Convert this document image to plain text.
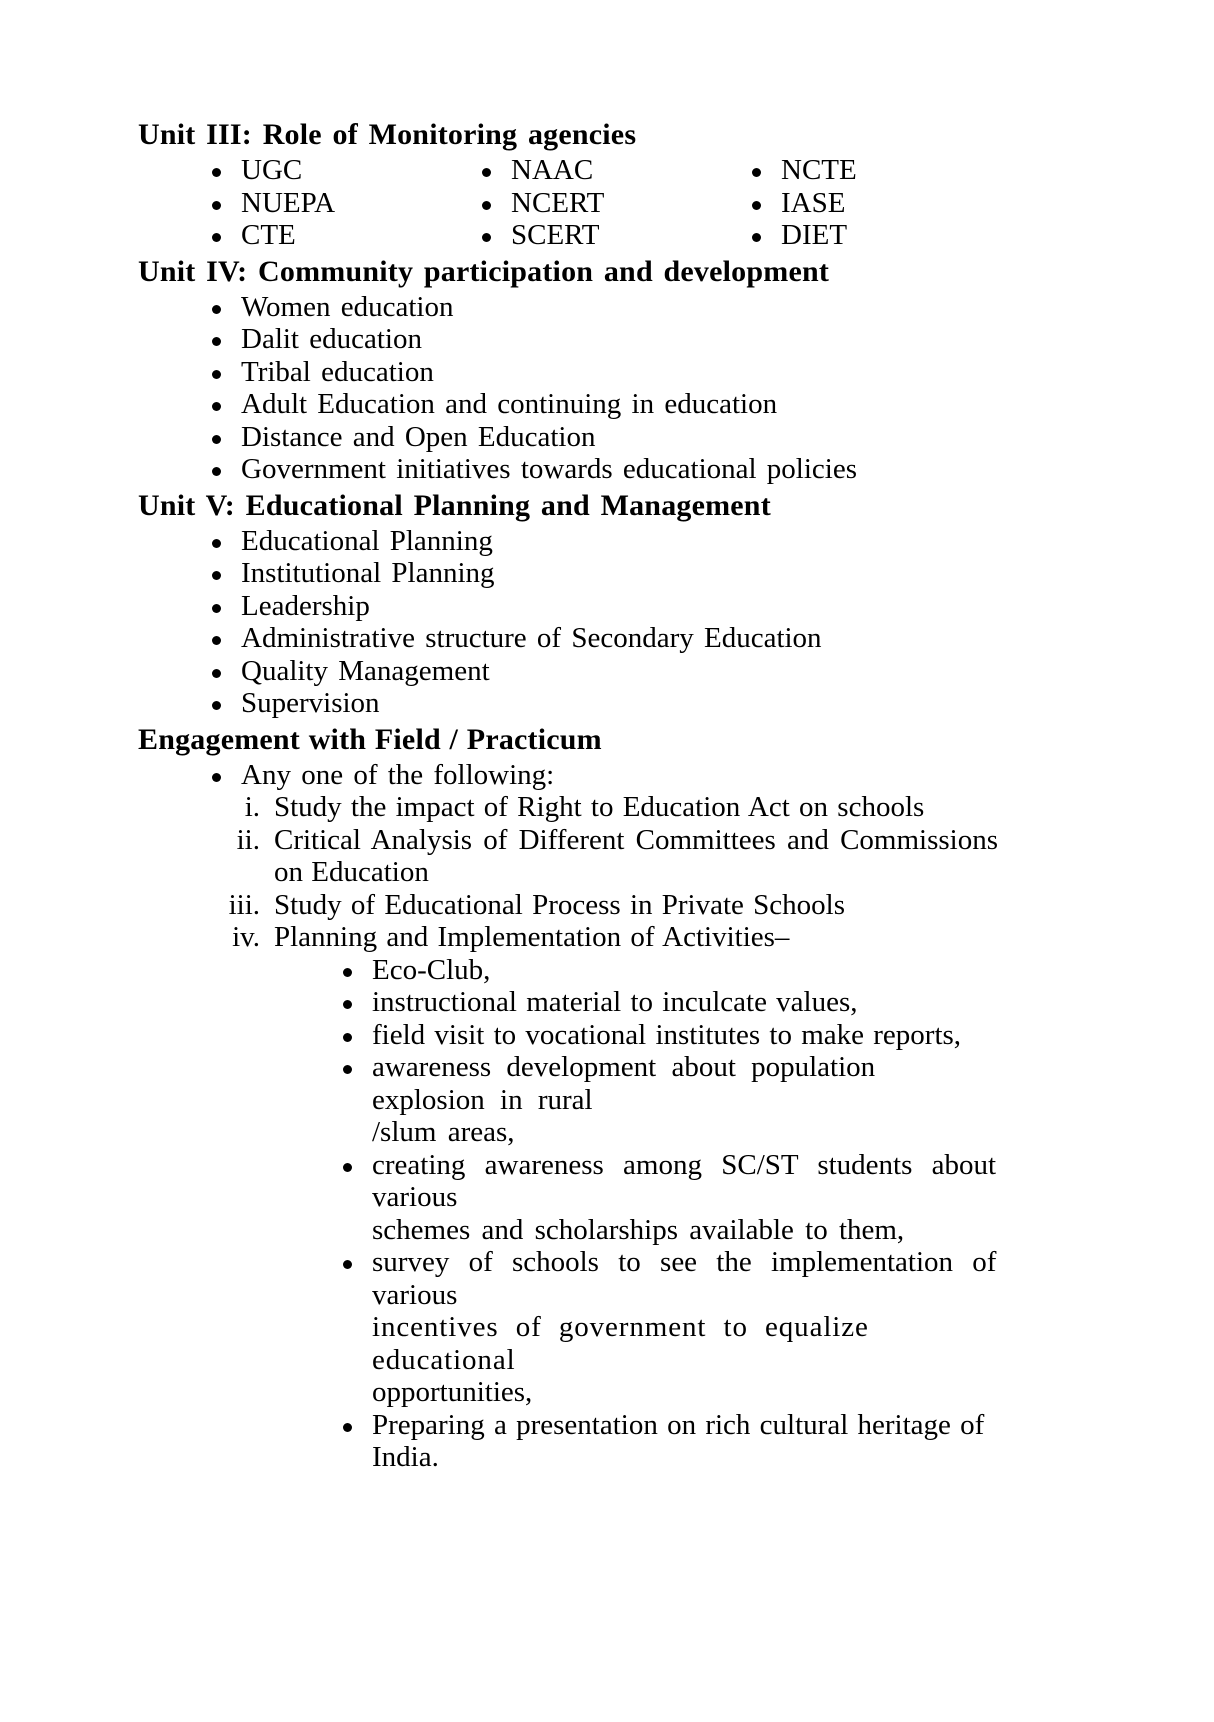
Unit III: Role of Monitoring agencies
UGC	NAAC	NCTE
NUEPA	NCERT	IASE
CTE	SCERT	DIET
Unit IV: Community participation and development
Women education
Dalit education
Tribal education
Adult Education and continuing in education
Distance and Open Education
Government initiatives towards educational policies
Unit V: Educational Planning and Management
Educational Planning
Institutional Planning
Leadership
Administrative structure of Secondary Education
Quality Management
Supervision
Engagement with Field / Practicum
Any one of the following:
i. Study the impact of Right to Education Act on schools
ii. Critical Analysis of Different Committees and Commissions on Education
iii. Study of Educational Process in Private Schools
iv. Planning and Implementation of Activities–
Eco-Club,
instructional material to inculcate values,
field visit to vocational institutes to make reports,
awareness development about population explosion in rural
/slum areas,
creating awareness among SC/ST students about various
schemes and scholarships available to them,
survey of schools to see the implementation of various
incentives of government to equalize educational
opportunities,
Preparing a presentation on rich cultural heritage of India.
